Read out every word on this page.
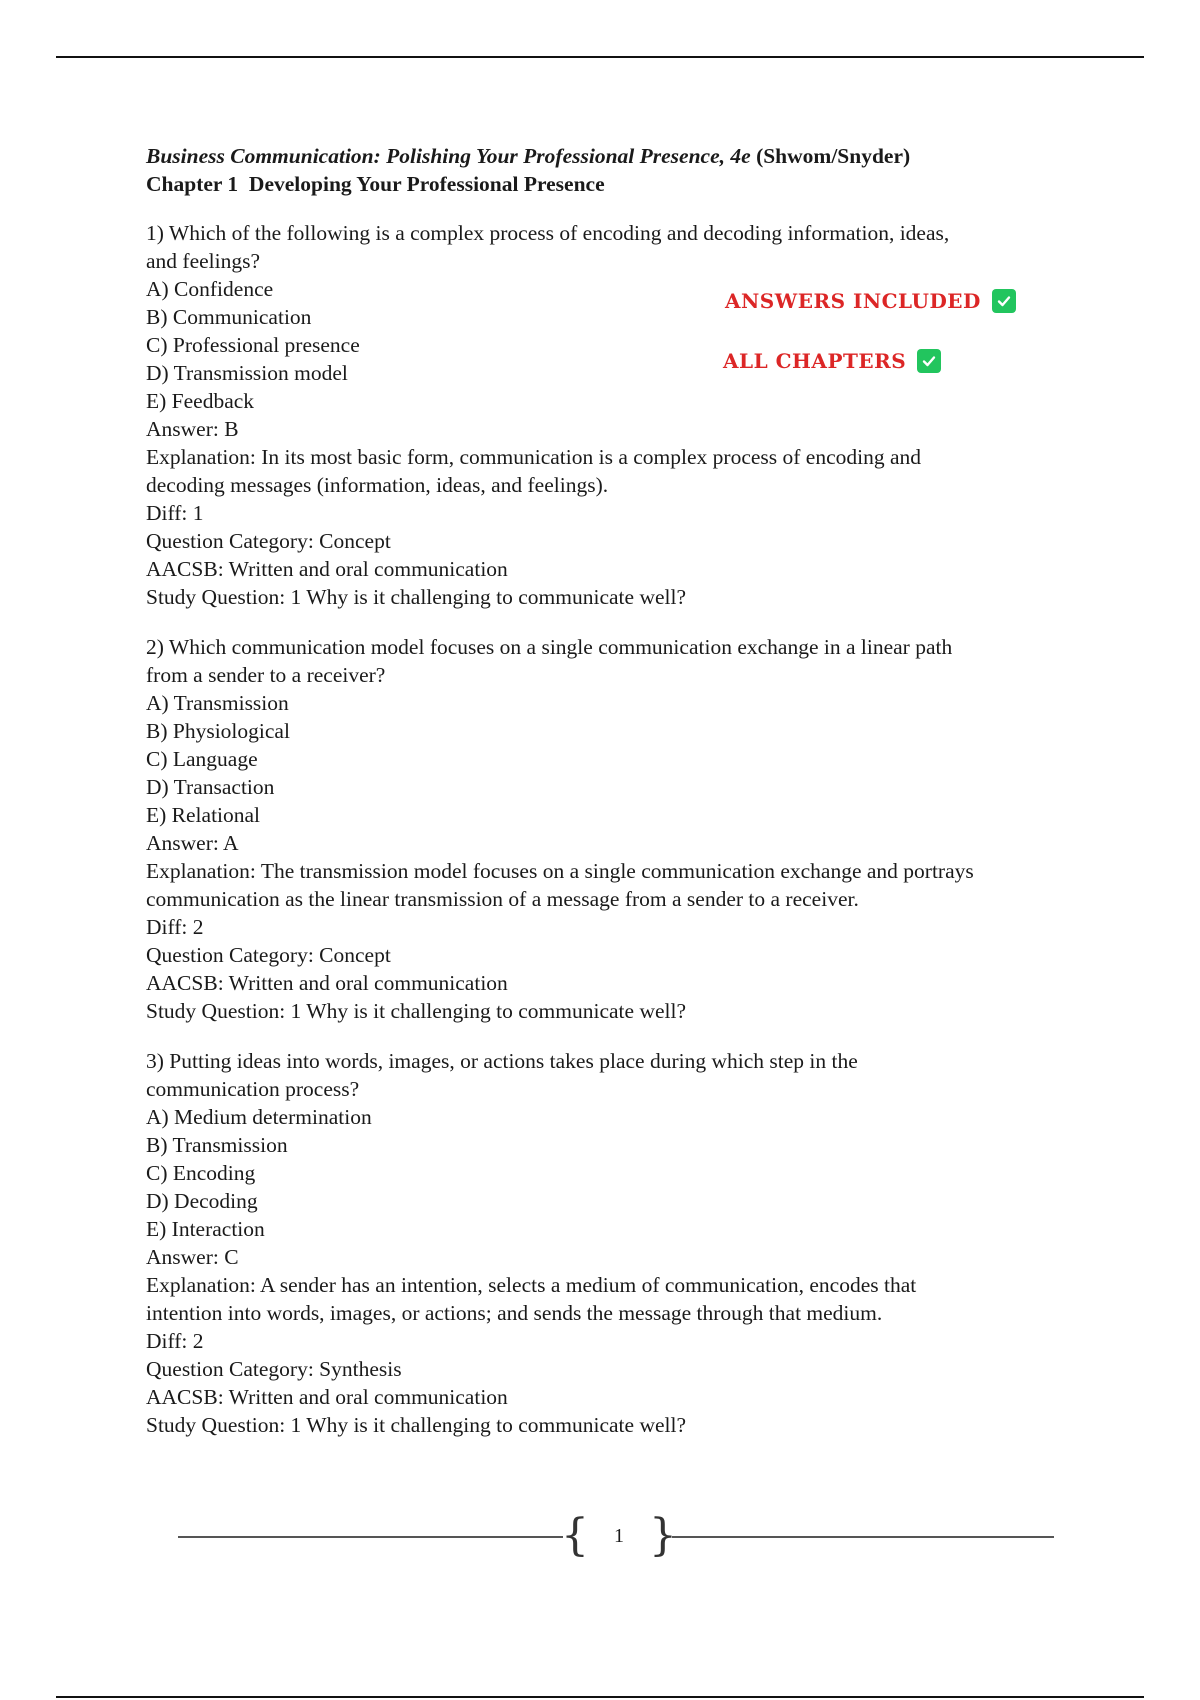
Business Communication: Polishing Your Professional Presence, 4e (Shwom/Snyder)
Chapter 1  Developing Your Professional Presence
1) Which of the following is a complex process of encoding and decoding information, ideas,
and feelings?
A) Confidence
B) Communication
C) Professional presence
D) Transmission model
E) Feedback
Answer: B
Explanation: In its most basic form, communication is a complex process of encoding and
decoding messages (information, ideas, and feelings).
Diff: 1
Question Category: Concept
AACSB: Written and oral communication
Study Question: 1 Why is it challenging to communicate well?
2) Which communication model focuses on a single communication exchange in a linear path
from a sender to a receiver?
A) Transmission
B) Physiological
C) Language
D) Transaction
E) Relational
Answer: A
Explanation: The transmission model focuses on a single communication exchange and portrays
communication as the linear transmission of a message from a sender to a receiver.
Diff: 2
Question Category: Concept
AACSB: Written and oral communication
Study Question: 1 Why is it challenging to communicate well?
3) Putting ideas into words, images, or actions takes place during which step in the
communication process?
A) Medium determination
B) Transmission
C) Encoding
D) Decoding
E) Interaction
Answer: C
Explanation: A sender has an intention, selects a medium of communication, encodes that
intention into words, images, or actions; and sends the message through that medium.
Diff: 2
Question Category: Synthesis
AACSB: Written and oral communication
Study Question: 1 Why is it challenging to communicate well?
ANSWERS INCLUDED
ALL CHAPTERS
{	1 }
